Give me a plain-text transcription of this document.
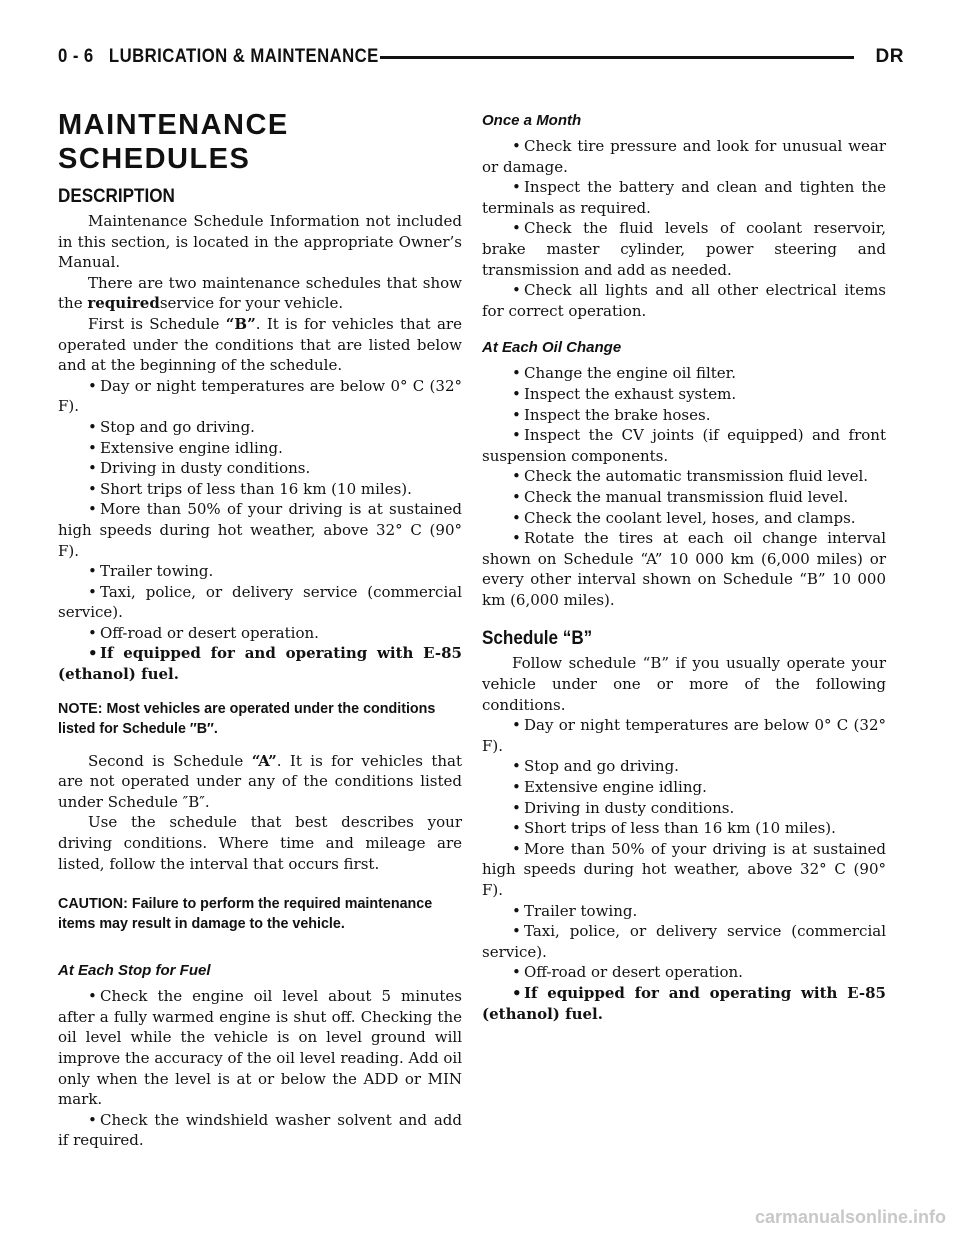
0 - 6 LUBRICATION & MAINTENANCE	DR
MAINTENANCE SCHEDULES
DESCRIPTION

Maintenance Schedule Information not included in this section, is located in the appropriate Owner’s Manual.

There are two maintenance schedules that show the requiredservice for your vehicle.

First is Schedule “B”. It is for vehicles that are operated under the conditions that are listed below and at the beginning of the schedule.

• Day or night temperatures are below 0° C (32° F).
• Stop and go driving.
• Extensive engine idling.
• Driving in dusty conditions.
• Short trips of less than 16 km (10 miles).
• More than 50% of your driving is at sustained high speeds during hot weather, above 32° C (90° F).
• Trailer towing.
• Taxi, police, or delivery service (commercial service).
• Off-road or desert operation.
• If equipped for and operating with E-85 (ethanol) fuel.

NOTE: Most vehicles are operated under the conditions listed for Schedule ″B″.

Second is Schedule “A”. It is for vehicles that are not operated under any of the conditions listed under Schedule ″B″.

Use the schedule that best describes your driving conditions. Where time and mileage are listed, follow the interval that occurs first.

CAUTION: Failure to perform the required maintenance items may result in damage to the vehicle.

At Each Stop for Fuel
• Check the engine oil level about 5 minutes after a fully warmed engine is shut off. Checking the oil level while the vehicle is on level ground will improve the accuracy of the oil level reading. Add oil only when the level is at or below the ADD or MIN mark.
• Check the windshield washer solvent and add if required.
Once a Month
• Check tire pressure and look for unusual wear or damage.
• Inspect the battery and clean and tighten the terminals as required.
• Check the fluid levels of coolant reservoir, brake master cylinder, power steering and transmission and add as needed.
• Check all lights and all other electrical items for correct operation.
At Each Oil Change
• Change the engine oil filter.
• Inspect the exhaust system.
• Inspect the brake hoses.
• Inspect the CV joints (if equipped) and front suspension components.
• Check the automatic transmission fluid level.
• Check the manual transmission fluid level.
• Check the coolant level, hoses, and clamps.
• Rotate the tires at each oil change interval shown on Schedule “A” 10 000 km (6,000 miles) or every other interval shown on Schedule “B” 10 000 km (6,000 miles).
Schedule “B”

Follow schedule “B” if you usually operate your vehicle under one or more of the following conditions.

• Day or night temperatures are below 0° C (32° F).
• Stop and go driving.
• Extensive engine idling.
• Driving in dusty conditions.
• Short trips of less than 16 km (10 miles).
• More than 50% of your driving is at sustained high speeds during hot weather, above 32° C (90° F).
• Trailer towing.
• Taxi, police, or delivery service (commercial service).
• Off-road or desert operation.
• If equipped for and operating with E-85 (ethanol) fuel.
carmanualsonline.info
